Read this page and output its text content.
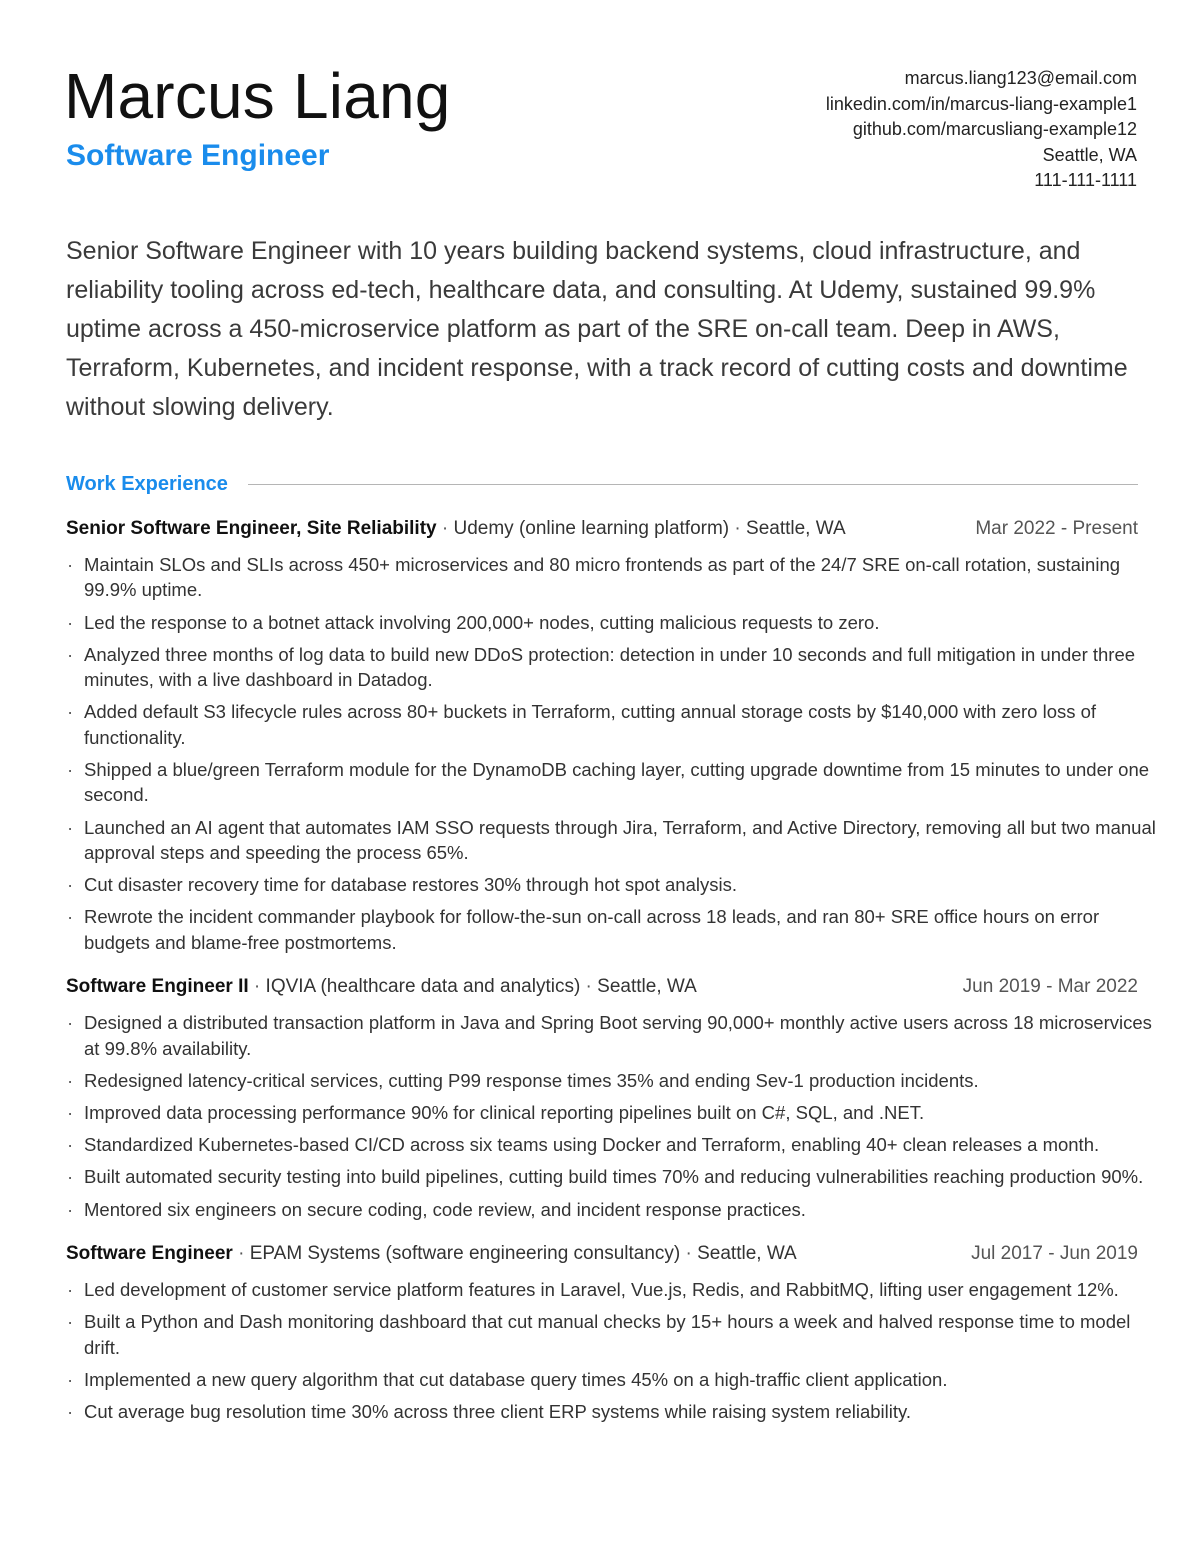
Marcus Liang
Software Engineer
marcus.liang123@email.com
linkedin.com/in/marcus-liang-example1
github.com/marcusliang-example12
Seattle, WA
111-111-1111
Senior Software Engineer with 10 years building backend systems, cloud infrastructure, and reliability tooling across ed-tech, healthcare data, and consulting. At Udemy, sustained 99.9% uptime across a 450-microservice platform as part of the SRE on-call team. Deep in AWS, Terraform, Kubernetes, and incident response, with a track record of cutting costs and downtime without slowing delivery.
Work Experience
Senior Software Engineer, Site Reliability · Udemy (online learning platform) · Seattle, WA	Mar 2022 - Present
· Maintain SLOs and SLIs across 450+ microservices and 80 micro frontends as part of the 24/7 SRE on-call rotation, sustaining 99.9% uptime.
· Led the response to a botnet attack involving 200,000+ nodes, cutting malicious requests to zero.
· Analyzed three months of log data to build new DDoS protection: detection in under 10 seconds and full mitigation in under three minutes, with a live dashboard in Datadog.
· Added default S3 lifecycle rules across 80+ buckets in Terraform, cutting annual storage costs by $140,000 with zero loss of functionality.
· Shipped a blue/green Terraform module for the DynamoDB caching layer, cutting upgrade downtime from 15 minutes to under one second.
· Launched an AI agent that automates IAM SSO requests through Jira, Terraform, and Active Directory, removing all but two manual approval steps and speeding the process 65%.
· Cut disaster recovery time for database restores 30% through hot spot analysis.
· Rewrote the incident commander playbook for follow-the-sun on-call across 18 leads, and ran 80+ SRE office hours on error budgets and blame-free postmortems.
Software Engineer II · IQVIA (healthcare data and analytics) · Seattle, WA	Jun 2019 - Mar 2022
· Designed a distributed transaction platform in Java and Spring Boot serving 90,000+ monthly active users across 18 microservices at 99.8% availability.
· Redesigned latency-critical services, cutting P99 response times 35% and ending Sev-1 production incidents.
· Improved data processing performance 90% for clinical reporting pipelines built on C#, SQL, and .NET.
· Standardized Kubernetes-based CI/CD across six teams using Docker and Terraform, enabling 40+ clean releases a month.
· Built automated security testing into build pipelines, cutting build times 70% and reducing vulnerabilities reaching production 90%.
· Mentored six engineers on secure coding, code review, and incident response practices.
Software Engineer · EPAM Systems (software engineering consultancy) · Seattle, WA	Jul 2017 - Jun 2019
· Led development of customer service platform features in Laravel, Vue.js, Redis, and RabbitMQ, lifting user engagement 12%.
· Built a Python and Dash monitoring dashboard that cut manual checks by 15+ hours a week and halved response time to model drift.
· Implemented a new query algorithm that cut database query times 45% on a high-traffic client application.
· Cut average bug resolution time 30% across three client ERP systems while raising system reliability.
